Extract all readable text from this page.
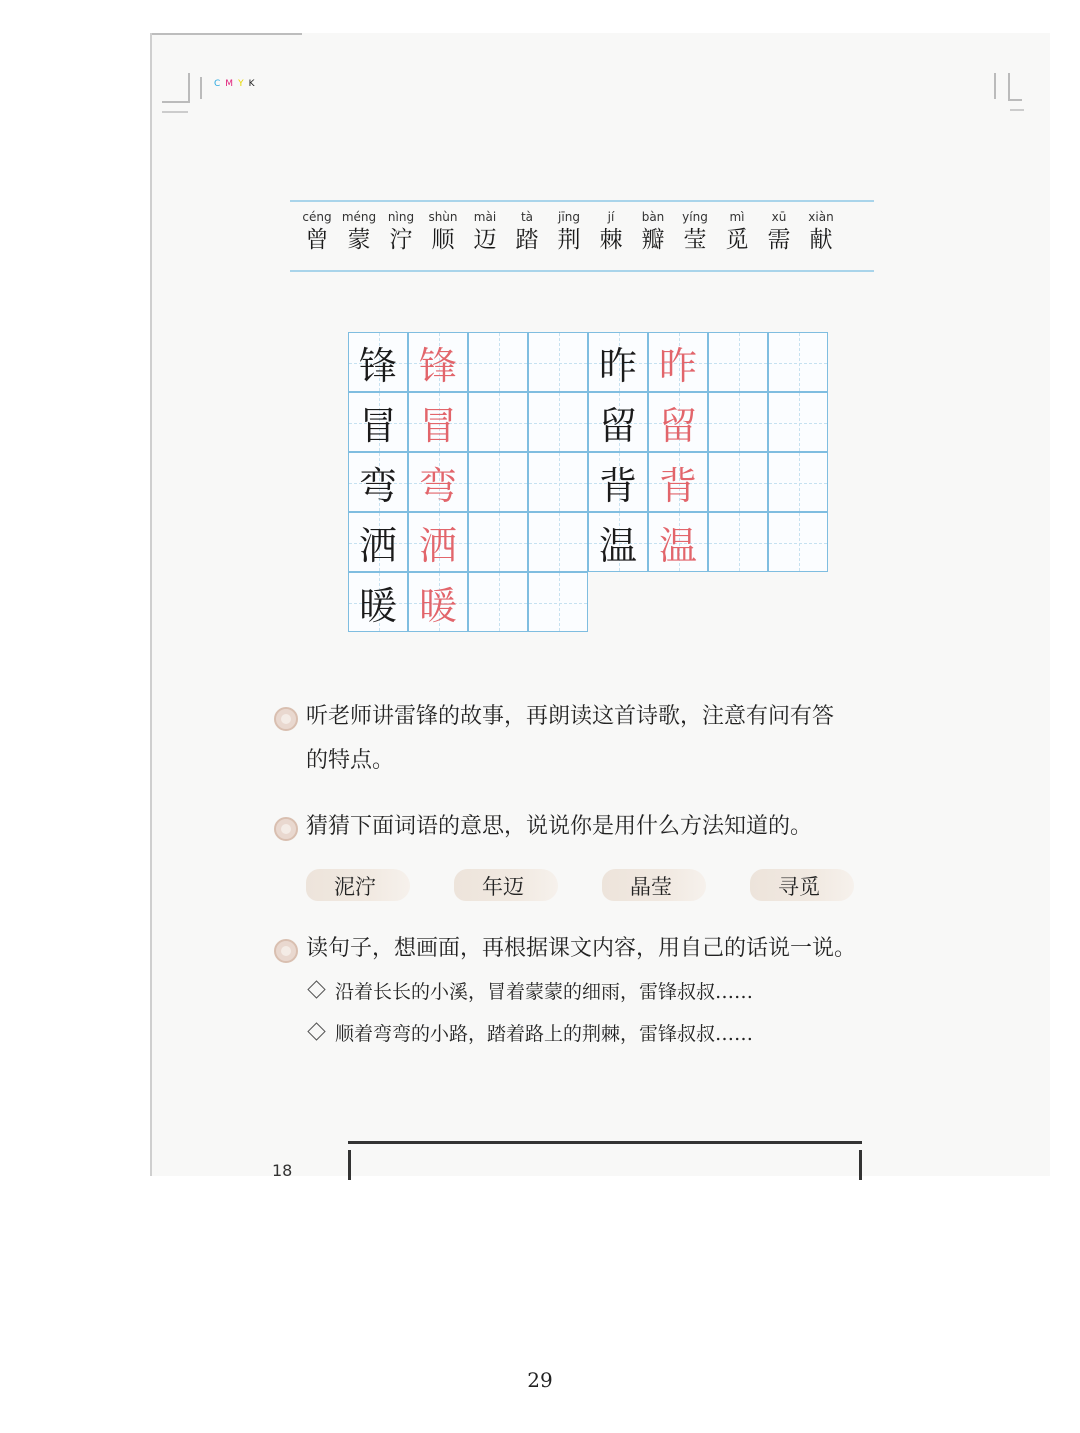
CMYK
céng
曾
méng
蒙
nìng
泞
shùn
顺
mài
迈
tà
踏
jīng
荆
jí
棘
bàn
瓣
yíng
莹
mì
觅
xū
需
xiàn
献
锋 锋
冒 冒
弯 弯
洒 洒
暖 暖
昨 昨
留 留
背 背
温 温
听老师讲雷锋的故事，再朗读这首诗歌，注意有问有答
的特点。
猜猜下面词语的意思，说说你是用什么方法知道的。
泥泞	年迈	晶莹	寻觅
读句子，想画面，再根据课文内容，用自己的话说一说。
沿着长长的小溪，冒着蒙蒙的细雨，雷锋叔叔……
顺着弯弯的小路，踏着路上的荆棘，雷锋叔叔……
18
29
